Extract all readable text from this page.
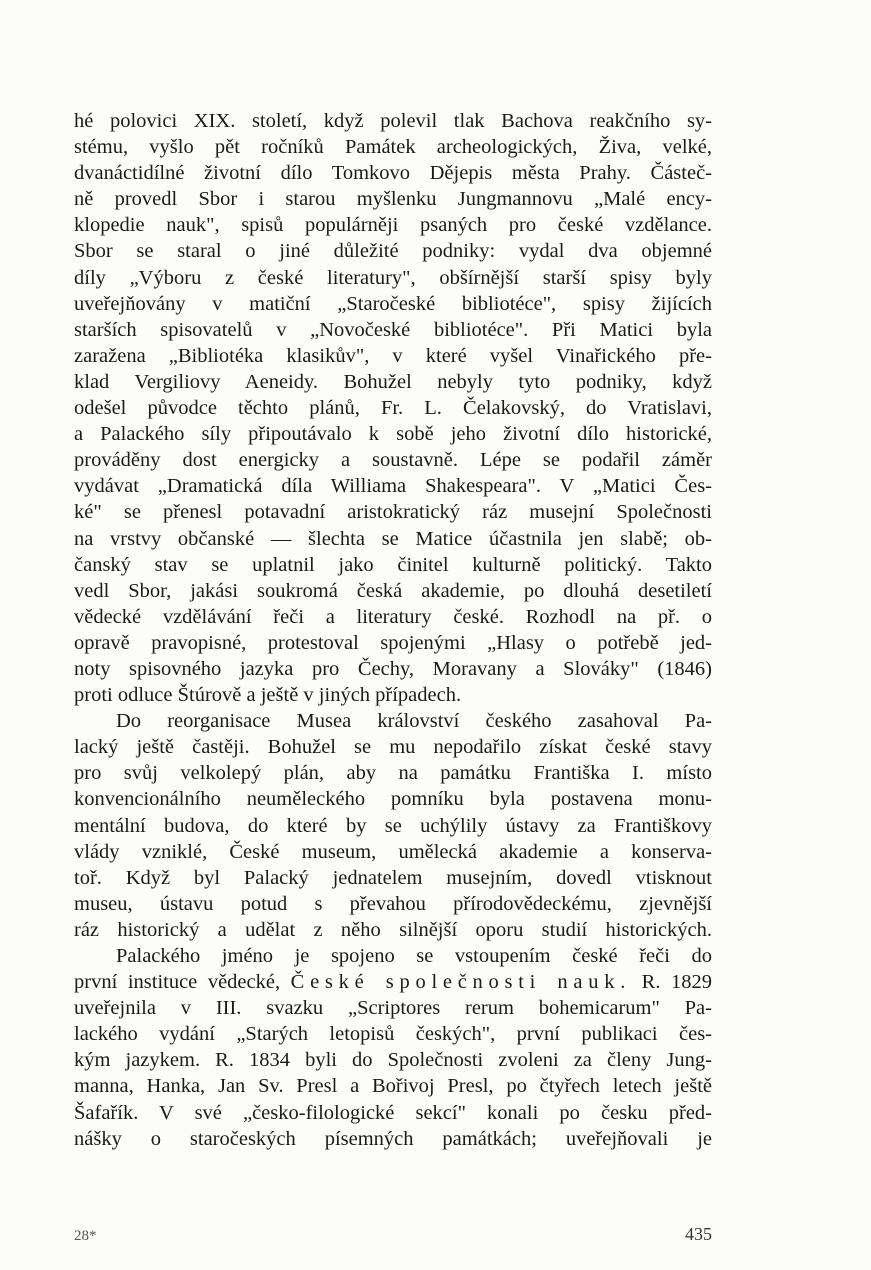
hé polovici XIX. století, když polevil tlak Bachova reakčního sy-
stému, vyšlo pět ročníků Památek archeologických, Živa, velké,
dvanáctidílné životní dílo Tomkovo Dějepis města Prahy. Částeč-
ně provedl Sbor i starou myšlenku Jungmannovu „Malé ency-
klopedie nauk", spisů populárněji psaných pro české vzdělance.
Sbor se staral o jiné důležité podniky: vydal dva objemné
díly „Výboru z české literatury", obšírnější starší spisy byly
uveřejňovány v matiční „Staročeské bibliotéce", spisy žijících
starších spisovatelů v „Novočeské bibliotéce". Při Matici byla
zaražena „Bibliotéka klasikův", v které vyšel Vinařického pře-
klad Vergiliovy Aeneidy. Bohužel nebyly tyto podniky, když
odešel původce těchto plánů, Fr. L. Čelakovský, do Vratislavi,
a Palackého síly připoutávalo k sobě jeho životní dílo historické,
prováděny dost energicky a soustavně. Lépe se podařil záměr
vydávat „Dramatická díla Williama Shakespeara". V „Matici Čes-
ké" se přenesl potavadní aristokratický ráz musejní Společnosti
na vrstvy občanské — šlechta se Matice účastnila jen slabě; ob-
čanský stav se uplatnil jako činitel kulturně politický. Takto
vedl Sbor, jakási soukromá česká akademie, po dlouhá desetiletí
vědecké vzdělávání řeči a literatury české. Rozhodl na př. o
opravě pravopisné, protestoval spojenými „Hlasy o potřebě jed-
noty spisovného jazyka pro Čechy, Moravany a Slováky" (1846)
proti odluce Štúrově a ještě v jiných případech.
Do reorganisace Musea království českého zasahoval Pa-
lacký ještě častěji. Bohužel se mu nepodařilo získat české stavy
pro svůj velkolepý plán, aby na památku Františka I. místo
konvencionálního neuměleckého pomníku byla postavena monu-
mentální budova, do které by se uchýlily ústavy za Františkovy
vlády vzniklé, České museum, umělecká akademie a konserva-
toř. Když byl Palacký jednatelem musejním, dovedl vtisknout
museu, ústavu potud s převahou přírodovědeckému, zjevnější
ráz historický a udělat z něho silnější oporu studií historických.
Palackého jméno je spojeno se vstoupením české řeči do
první instituce vědecké, České společnosti nauk. R. 1829
uveřejnila v III. svazku „Scriptores rerum bohemicarum" Pa-
lackého vydání „Starých letopisů českých", první publikaci čes-
kým jazykem. R. 1834 byli do Společnosti zvoleni za členy Jung-
manna, Hanka, Jan Sv. Presl a Bořivoj Presl, po čtyřech letech ještě
Šafařík. V své „česko-filologické sekcí" konali po česku před-
nášky o staročeských písemných památkách; uveřejňovali je
28*	435
